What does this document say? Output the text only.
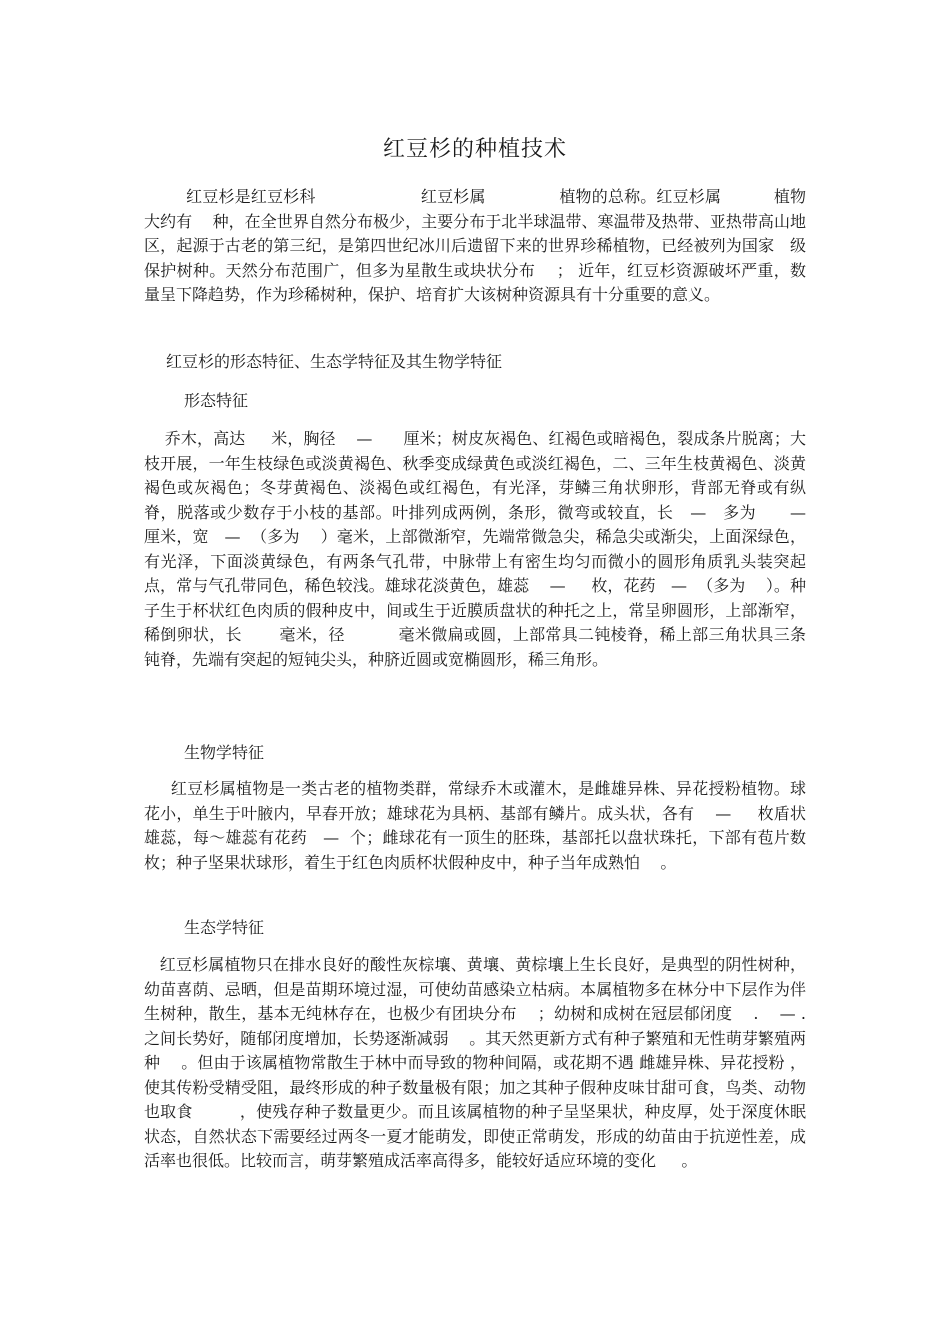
红豆杉的种植技术
红豆杉是红豆杉科                    红豆杉属              植物的总称。红豆杉属          植物大约有    种，在全世界自然分布极少，主要分布于北半球温带、寒温带及热带、亚热带高山地区，起源于古老的第三纪，是第四世纪冰川后遗留下来的世界珍稀植物，已经被列为国家   级保护树种。天然分布范围广，但多为星散生或块状分布    ； 近年，红豆杉资源破坏严重，数量呈下降趋势，作为珍稀树种，保护、培育扩大该树种资源具有十分重要的意义。
红豆杉的形态特征、生态学特征及其生物学特征
形态特征
乔木，高达     米，胸径    —      厘米；树皮灰褐色、红褐色或暗褐色，裂成条片脱离；大枝开展，一年生枝绿色或淡黄褐色、秋季变成绿黄色或淡红褐色，二、三年生枝黄褐色、淡黄褐色或灰褐色；冬芽黄褐色、淡褐色或红褐色，有光泽，芽鳞三角状卵形，背部无脊或有纵脊，脱落或少数存于小枝的基部。叶排列成两例，条形，微弯或较直，长   —   多为      —       厘米，宽   —  （多为    ）毫米，上部微渐窄，先端常微急尖，稀急尖或渐尖，上面深绿色，有光泽，下面淡黄绿色，有两条气孔带，中脉带上有密生均匀而微小的圆形角质乳头装突起点，常与气孔带同色，稀色较浅。雄球花淡黄色，雄蕊    —     枚，花药   —  （多为    ）。种子生于杯状红色肉质的假种皮中，间或生于近膜质盘状的种托之上，常呈卵圆形，上部渐窄，稀倒卵状，长       毫米，径          毫米微扁或圆，上部常具二钝棱脊，稀上部三角状具三条钝脊，先端有突起的短钝尖头，种脐近圆或宽椭圆形，稀三角形。
生物学特征
红豆杉属植物是一类古老的植物类群，常绿乔木或灌木，是雌雄异株、异花授粉植物。球花小，单生于叶腋内，早春开放；雄球花为具柄、基部有鳞片。成头状，各有    —     枚盾状雄蕊，每～雄蕊有花药   —  个；雌球花有一顶生的胚珠，基部托以盘状珠托，下部有苞片数枚；种子坚果状球形，着生于红色肉质杯状假种皮中，种子当年成熟怕    。
生态学特征
红豆杉属植物只在排水良好的酸性灰棕壤、黄壤、黄棕壤上生长良好，是典型的阴性树种，幼苗喜荫、忌晒，但是苗期环境过湿，可使幼苗感染立枯病。本属植物多在林分中下层作为伴生树种，散生，基本无纯林存在，也极少有团块分布    ；幼树和成树在冠层郁闭度    .    — .       之间长势好，随郁闭度增加，长势逐渐减弱    。其天然更新方式有种子繁殖和无性萌芽繁殖两种    。但由于该属植物常散生于林中而导致的物种间隔，或花期不遇 雌雄异株、异花授粉 ，使其传粉受精受阻，最终形成的种子数量极有限；加之其种子假种皮味甘甜可食，鸟类、动物也取食         ，使残存种子数量更少。而且该属植物的种子呈坚果状，种皮厚，处于深度休眠状态，自然状态下需要经过两冬一夏才能萌发，即使正常萌发，形成的幼苗由于抗逆性差，成活率也很低。比较而言，萌芽繁殖成活率高得多，能较好适应环境的变化     。
